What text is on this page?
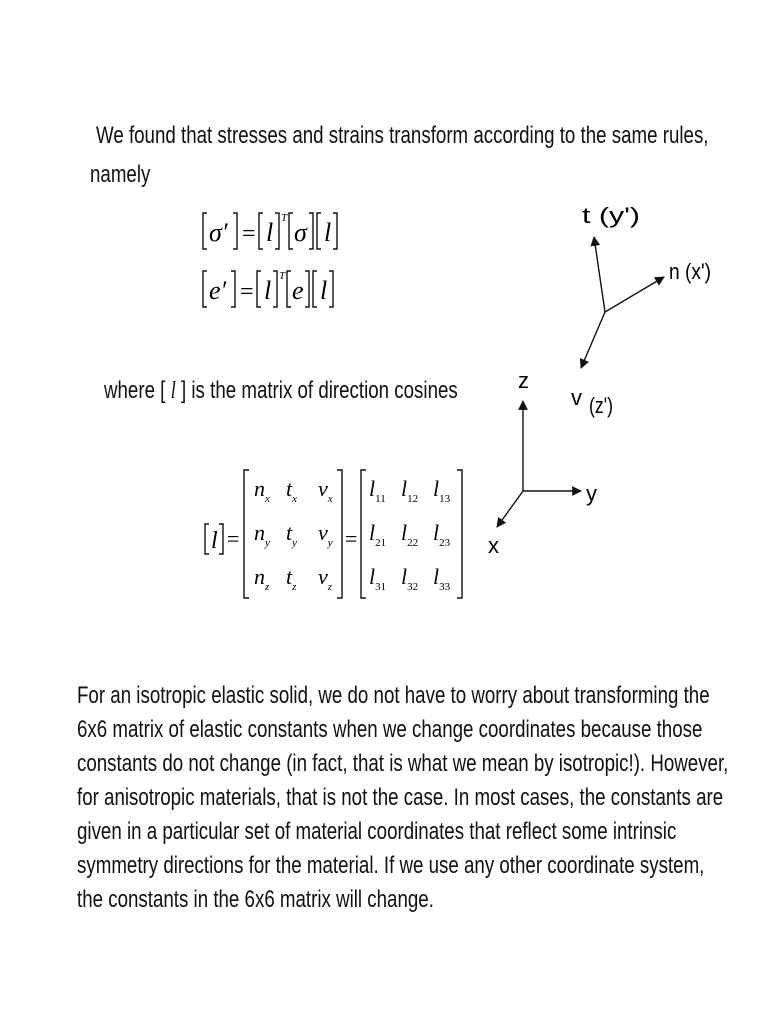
We found that stresses and strains transform according to the same rules,
namely
σ′ = l T σ l
e′ = l T e l
t (y')
n (x')
v (z')
z
y
x
where [ l ] is the matrix of direction cosines
l =
$n_x$ $t_x$ $v_x$
$n_y$ $t_y$ $v_y$
$n_z$ $t_z$ $v_z$
=
$l_{11}$ $l_{12}$ $l_{13}$
$l_{21}$ $l_{22}$ $l_{23}$
$l_{31}$ $l_{32}$ $l_{33}$
For an isotropic elastic solid, we do not have to worry about transforming the
6x6 matrix of elastic constants when we change coordinates because those
constants do not change (in fact, that is what we mean by isotropic!). However,
for anisotropic materials, that is not the case. In most cases, the constants are
given in a particular set of material coordinates that reflect some intrinsic
symmetry directions for the material. If we use any other coordinate system,
the constants in the 6x6 matrix will change.
